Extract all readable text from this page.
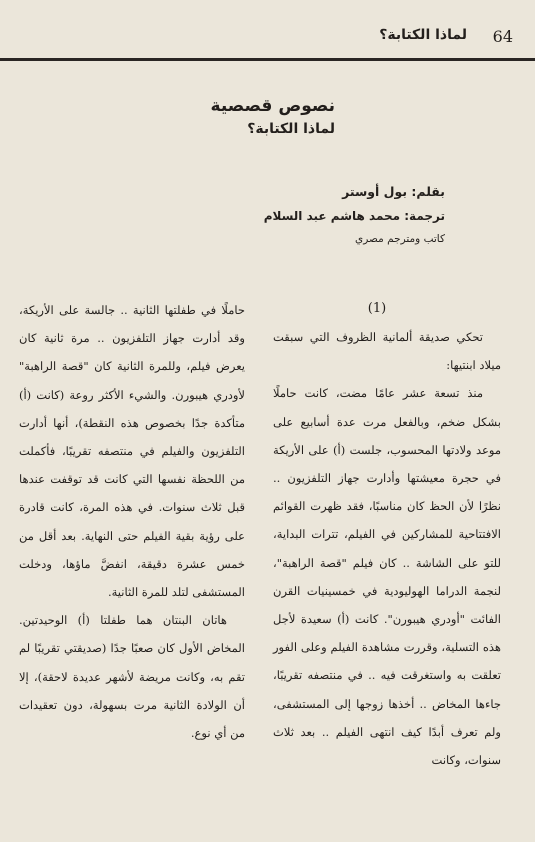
64
لماذا الكتابة؟
نصوص قصصية
لماذا الكتابة؟
بقلم: بول أوستر
ترجمة: محمد هاشم عبد السلام
كاتب ومترجم مصري
(1)

تحكي صديقة ألمانية الظروف التي سبقت ميلاد ابنتيها:

منذ تسعة عشر عامًا مضت، كانت حاملًا بشكل ضخم، وبالفعل مرت عدة أسابيع على موعد ولادتها المحسوب، جلست (أ) على الأريكة في حجرة معيشتها وأدارت جهاز التلفزيون .. نظرًا لأن الحظ كان مناسبًا، فقد ظهرت القوائم الافتتاحية للمشاركين في الفيلم، تترات البداية، للتو على الشاشة .. كان فيلم "قصة الراهبة"، لنجمة الدراما الهوليودية في خمسينيات القرن الفائت "أودري هيبورن". كانت (أ) سعيدة لأجل هذه التسلية، وقررت مشاهدة الفيلم وعلى الفور تعلقت به واستغرقت فيه .. في منتصفه تقريبًا، جاءها المخاض .. أخذها زوجها إلى المستشفى، ولم تعرف أبدًا كيف انتهى الفيلم .. بعد ثلاث سنوات، وكانت

حاملًا في طفلتها الثانية .. جالسة على الأريكة، وقد أدارت جهاز التلفزيون .. مرة ثانية كان يعرض فيلم، وللمرة الثانية كان "قصة الراهبة" لأودري هيبورن. والشيء الأكثر روعة (كانت (أ) متأكدة جدًا بخصوص هذه النقطة)، أنها أدارت التلفزيون والفيلم في منتصفه تقريبًا، فأكملت من اللحظة نفسها التي كانت قد توقفت عندها قبل ثلاث سنوات. في هذه المرة، كانت قادرة على رؤية بقية الفيلم حتى النهاية. بعد أقل من خمس عشرة دقيقة، انفضَّ ماؤها، ودخلت المستشفى لتلد للمرة الثانية.

هاتان البنتان هما طفلتا (أ) الوحيدتين. المخاض الأول كان صعبًا جدًا (صديقتي تقريبًا لم تقم به، وكانت مريضة لأشهر عديدة لاحقة)، إلا أن الولادة الثانية مرت بسهولة، دون تعقيدات من أي نوع.
